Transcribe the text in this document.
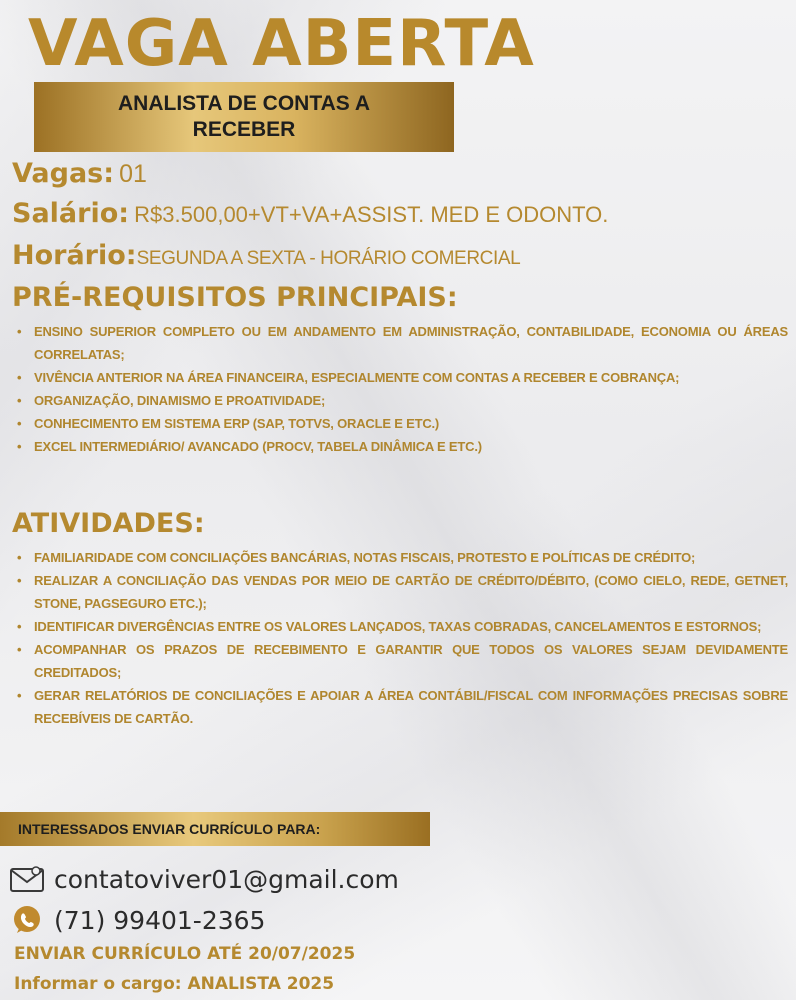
VAGA ABERTA
ANALISTA DE CONTAS A
RECEBER
Vagas: 01
Salário: R$3.500,00+VT+VA+ASSIST. MED E ODONTO.
Horário:SEGUNDA A SEXTA - HORÁRIO COMERCIAL
PRÉ-REQUISITOS PRINCIPAIS:
• ENSINO SUPERIOR COMPLETO OU EM ANDAMENTO EM ADMINISTRAÇÃO, CONTABILIDADE, ECONOMIA OU ÁREAS CORRELATAS;
• VIVÊNCIA ANTERIOR NA ÁREA FINANCEIRA, ESPECIALMENTE COM CONTAS A RECEBER E COBRANÇA;
• ORGANIZAÇÃO, DINAMISMO E PROATIVIDADE;
• CONHECIMENTO EM SISTEMA ERP (SAP, TOTVS, ORACLE E ETC.)
• EXCEL INTERMEDIÁRIO/ AVANCADO (PROCV, TABELA DINÂMICA E ETC.)
ATIVIDADES:
• FAMILIARIDADE COM CONCILIAÇÕES BANCÁRIAS, NOTAS FISCAIS, PROTESTO E POLÍTICAS DE CRÉDITO;
• REALIZAR A CONCILIAÇÃO DAS VENDAS POR MEIO DE CARTÃO DE CRÉDITO/DÉBITO, (COMO CIELO, REDE, GETNET, STONE, PAGSEGURO ETC.);
• IDENTIFICAR DIVERGÊNCIAS ENTRE OS VALORES LANÇADOS, TAXAS COBRADAS, CANCELAMENTOS E ESTORNOS;
• ACOMPANHAR OS PRAZOS DE RECEBIMENTO E GARANTIR QUE TODOS OS VALORES SEJAM DEVIDAMENTE CREDITADOS;
• GERAR RELATÓRIOS DE CONCILIAÇÕES E APOIAR A ÁREA CONTÁBIL/FISCAL COM INFORMAÇÕES PRECISAS SOBRE RECEBÍVEIS DE CARTÃO.
INTERESSADOS ENVIAR CURRÍCULO PARA:
contatoviver01@gmail.com
(71) 99401-2365
ENVIAR CURRÍCULO ATÉ 20/07/2025
Informar o cargo: ANALISTA 2025
